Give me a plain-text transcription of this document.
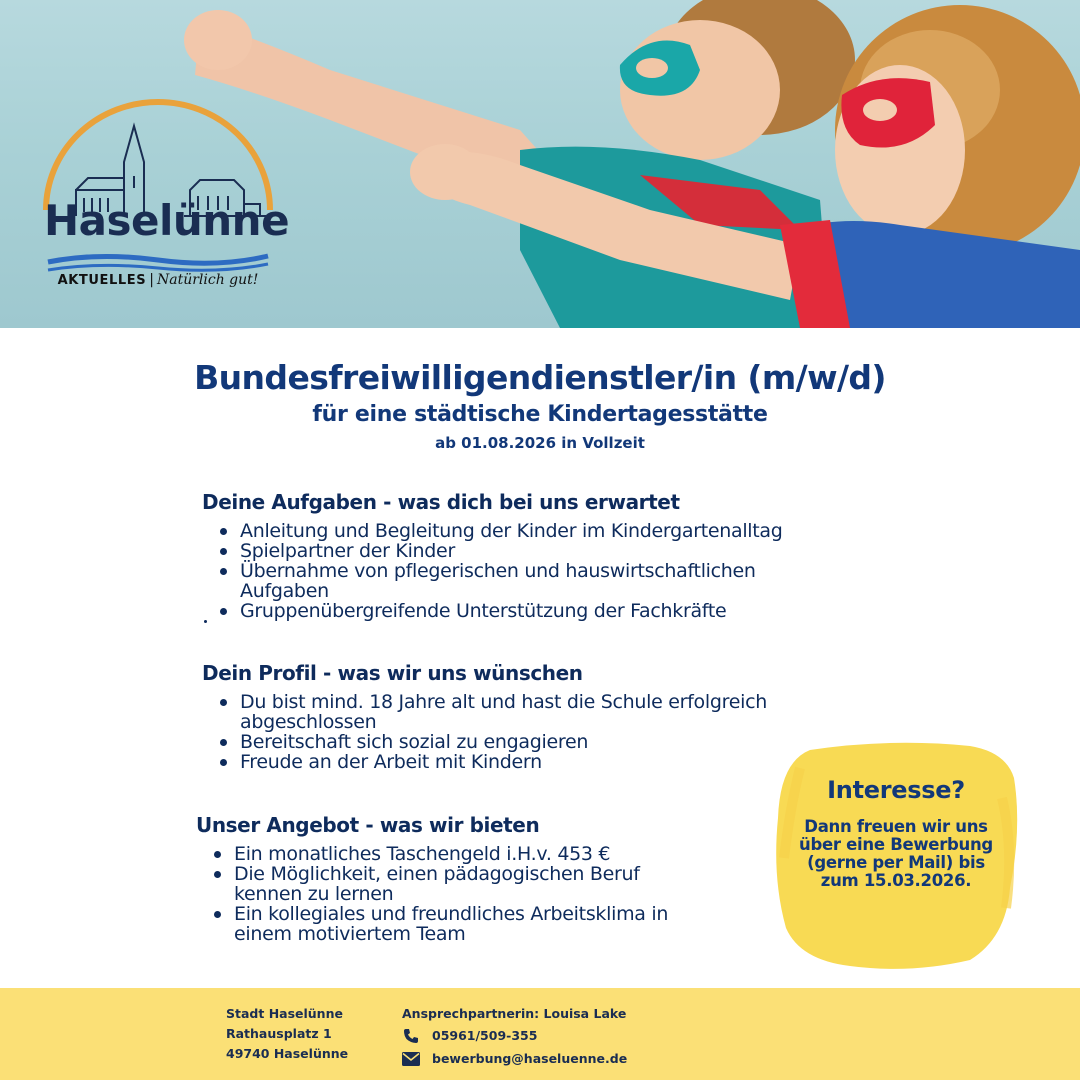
Haselünne
AKTUELLES | Natürlich gut!
Bundesfreiwilligendienstler/in (m/w/d)
für eine städtische Kindertagesstätte
ab 01.08.2026 in Vollzeit
Deine Aufgaben - was dich bei uns erwartet
Anleitung und Begleitung der Kinder im Kindergartenalltag
Spielpartner der Kinder
Übernahme von pflegerischen und hauswirtschaftlichen Aufgaben
Gruppenübergreifende Unterstützung der Fachkräfte
Dein Profil - was wir uns wünschen
Du bist mind. 18 Jahre alt und hast die Schule erfolgreich abgeschlossen
Bereitschaft sich sozial zu engagieren
Freude an der Arbeit mit Kindern
Unser Angebot - was wir bieten
Ein monatliches Taschengeld i.H.v. 453 €
Die Möglichkeit, einen pädagogischen Beruf kennen zu lernen
Ein kollegiales und freundliches Arbeitsklima in einem motiviertem Team
Interesse?
Dann freuen wir uns über eine Bewerbung (gerne per Mail) bis zum 15.03.2026.
Stadt Haselünne
Rathausplatz 1
49740 Haselünne
Ansprechpartnerin: Louisa Lake
05961/509-355
bewerbung@haseluenne.de
